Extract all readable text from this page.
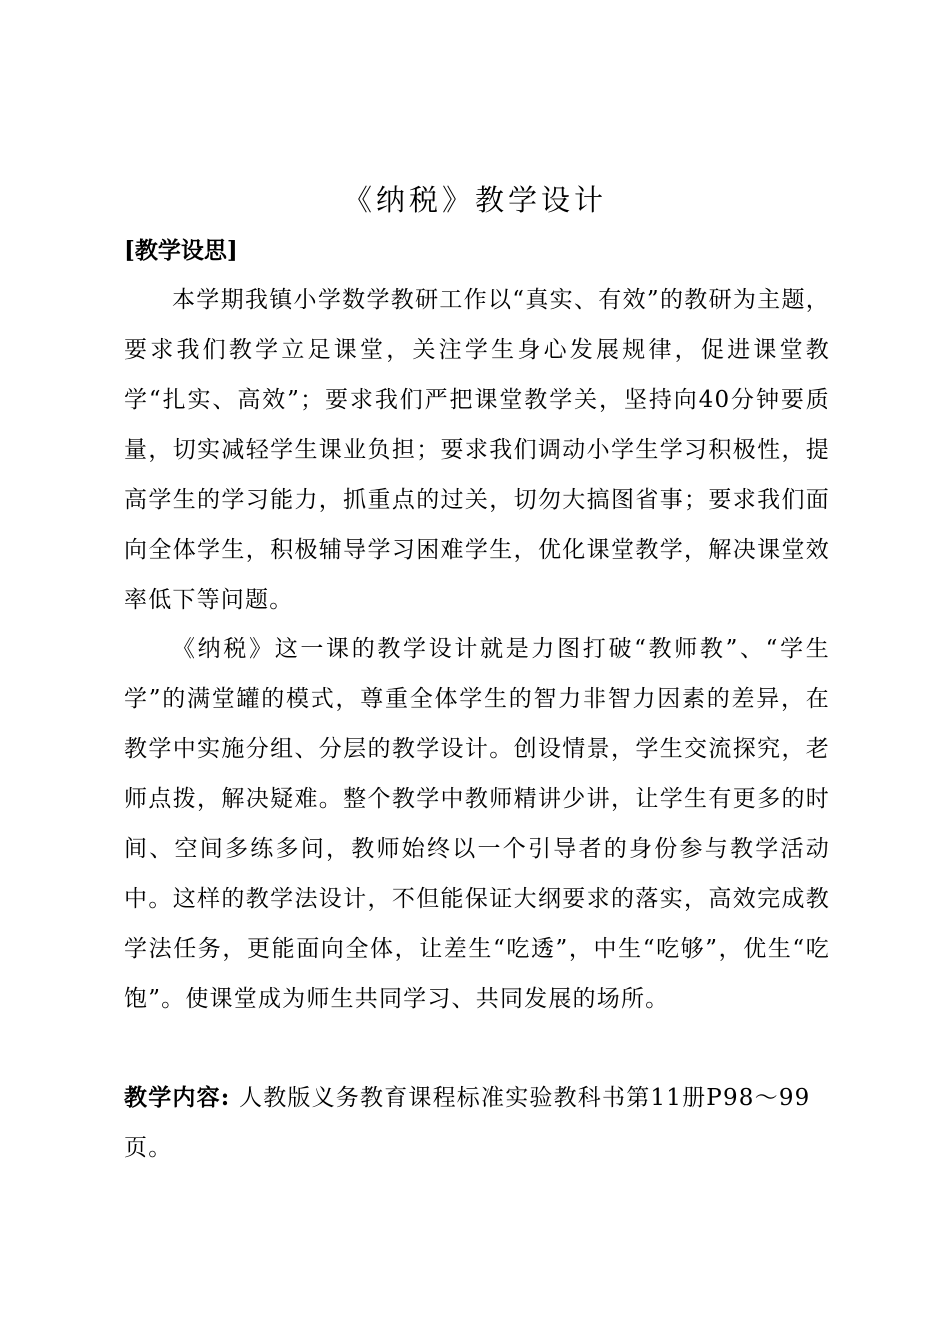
《纳税》教学设计
[教学设思]

本学期我镇小学数学教研工作以“真实、有效”的教研为主题，要求我们教学立足课堂，关注学生身心发展规律，促进课堂教学“扎实、高效”；要求我们严把课堂教学关，坚持向40分钟要质量，切实减轻学生课业负担；要求我们调动小学生学习积极性，提高学生的学习能力，抓重点的过关，切勿大搞图省事；要求我们面向全体学生，积极辅导学习困难学生，优化课堂教学，解决课堂效率低下等问题。

《纳税》这一课的教学设计就是力图打破“教师教”、“学生学”的满堂罐的模式，尊重全体学生的智力非智力因素的差异，在教学中实施分组、分层的教学设计。创设情景，学生交流探究，老师点拨，解决疑难。整个教学中教师精讲少讲，让学生有更多的时间、空间多练多问，教师始终以一个引导者的身份参与教学活动中。这样的教学法设计，不但能保证大纲要求的落实，高效完成教学法任务，更能面向全体，让差生“吃透”，中生“吃够”，优生“吃饱”。使课堂成为师生共同学习、共同发展的场所。

教学内容: 人教版义务教育课程标准实验教科书第11册P98～99页。
